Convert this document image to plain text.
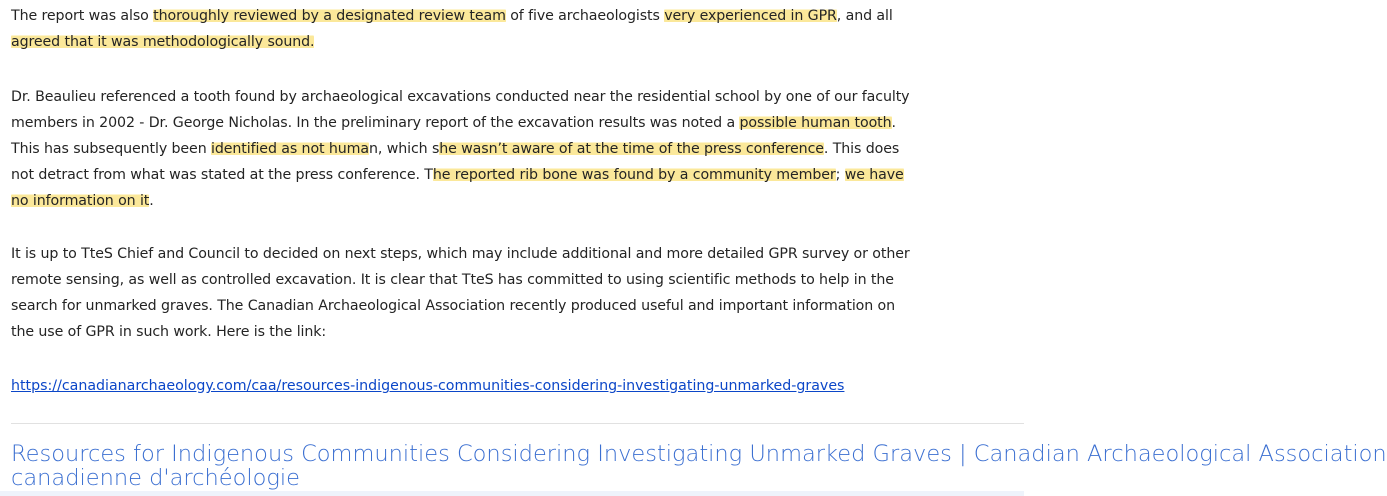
The report was also thoroughly reviewed by a designated review team of five archaeologists very experienced in GPR, and all
agreed that it was methodologically sound.
Dr. Beaulieu referenced a tooth found by archaeological excavations conducted near the residential school by one of our faculty
members in 2002 - Dr. George Nicholas. In the preliminary report of the excavation results was noted a possible human tooth.
This has subsequently been identified as not human, which she wasn’t aware of at the time of the press conference. This does
not detract from what was stated at the press conference. The reported rib bone was found by a community member; we have
no information on it.
It is up to TteS Chief and Council to decided on next steps, which may include additional and more detailed GPR survey or other
remote sensing, as well as controlled excavation. It is clear that TteS has committed to using scientific methods to help in the
search for unmarked graves. The Canadian Archaeological Association recently produced useful and important information on
the use of GPR in such work. Here is the link:
https://canadianarchaeology.com/caa/resources-indigenous-communities-considering-investigating-unmarked-graves
Resources for Indigenous Communities Considering Investigating Unmarked Graves | Canadian Archaeological Association
canadienne d'archéologie
